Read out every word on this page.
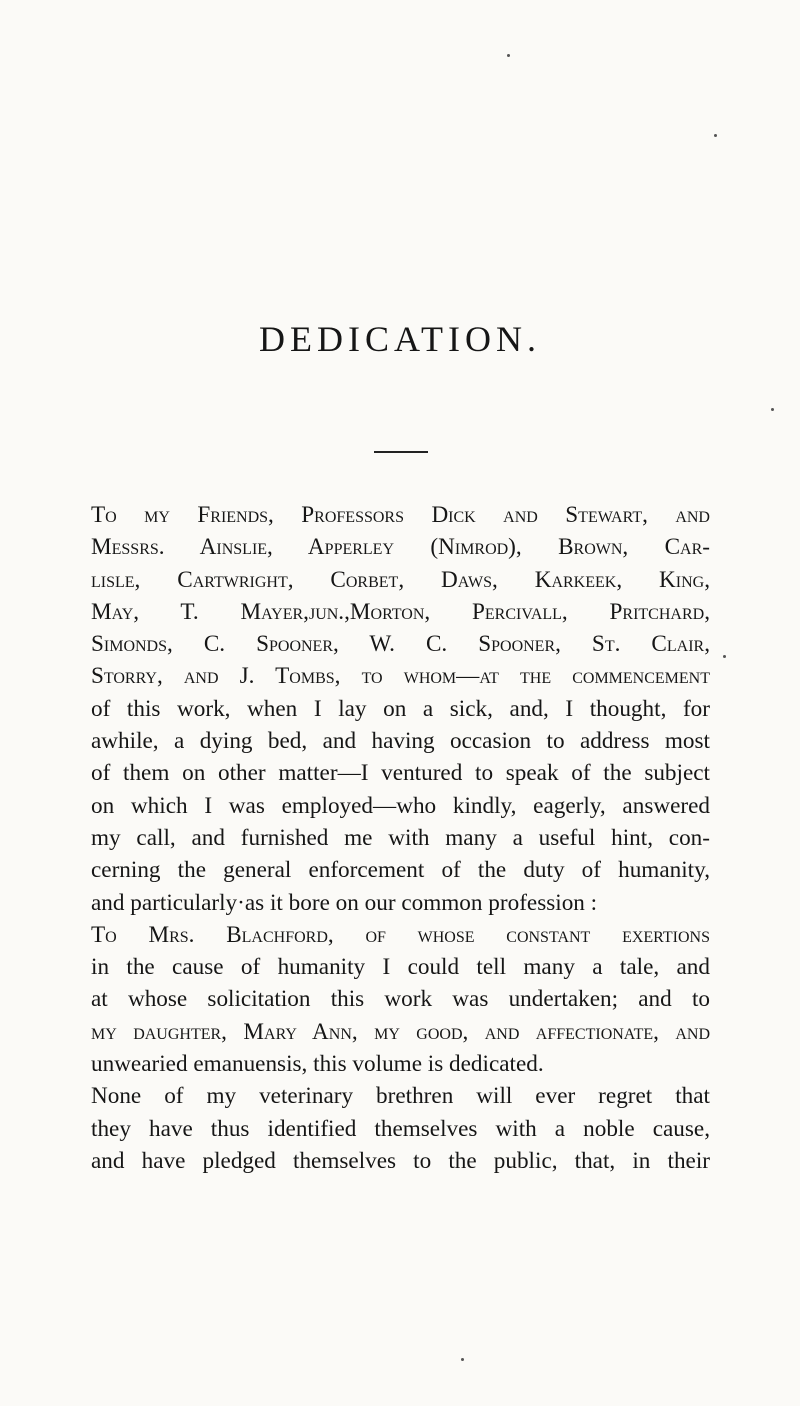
DEDICATION.

To my Friends, Professors Dick and Stewart, and

Messrs. Ainslie, Apperley (Nimrod), Brown, Car-

lisle, Cartwright, Corbet, Daws, Karkeek, King,

May, T. Mayer,jun.,Morton, Percivall, Pritchard,

Simonds, C. Spooner, W. C. Spooner, St. Clair,

Storry, and J. Tombs, to whom—at the commencement

of this work, when I lay on a sick, and, I thought, for

awhile, a dying bed, and having occasion to address most

of them on other matter—I ventured to speak of the subject

on which I was employed—who kindly, eagerly, answered

my call, and furnished me with many a useful hint, con-

cerning the general enforcement of the duty of humanity,

and particularly·as it bore on our common profession :

To Mrs. Blachford, of whose constant exertions

in the cause of humanity I could tell many a tale, and

at whose solicitation this work was undertaken; and to

my daughter, Mary Ann, my good, and affectionate, and

unwearied emanuensis, this volume is dedicated.

None of my veterinary brethren will ever regret that

they have thus identified themselves with a noble cause,

and have pledged themselves to the public, that, in their
